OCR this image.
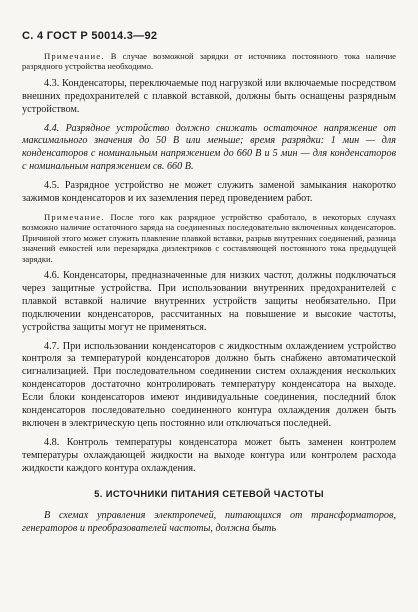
С. 4 ГОСТ Р 50014.3—92

Примечание. В случае возможной зарядки от источника постоянного тока наличие разрядного устройства необходимо.

4.3. Конденсаторы, переключаемые под нагрузкой или включаемые посредством внешних предохранителей с плавкой вставкой, должны быть оснащены разрядным устройством.

4.4. Разрядное устройство должно снижать остаточное напряжение от максимального значения до 50 В или меньше; время разрядки: 1 мин — для конденсаторов с номинальным напряжением до 660 В и 5 мин — для конденсаторов с номинальным напряжением св. 660 В.

4.5. Разрядное устройство не может служить заменой замыкания накоротко зажимов конденсаторов и их заземления перед проведением работ.

Примечание. После того как разрядное устройство сработало, в некоторых случаях возможно наличие остаточного заряда на соединенных последовательно включенных конденсаторов. Причиной этого может служить плавление плавкой вставки, разрыв внутренних соединений, разница значений емкостей или перезарядка диэлектриков с составляющей постоянного тока предыдущей зарядки.

4.6. Конденсаторы, предназначенные для низких частот, должны подключаться через защитные устройства. При использовании внутренних предохранителей с плавкой вставкой наличие внутренних устройств защиты необязательно. При подключении конденсаторов, рассчитанных на повышение и высокие частоты, устройства защиты могут не применяться.

4.7. При использовании конденсаторов с жидкостным охлаждением устройство контроля за температурой конденсаторов должно быть снабжено автоматической сигнализацией. При последовательном соединении систем охлаждения нескольких конденсаторов достаточно контролировать температуру конденсатора на выходе. Если блоки конденсаторов имеют индивидуальные соединения, последний блок конденсаторов последовательно соединенного контура охлаждения должен быть включен в электрическую цепь постоянно или отключаться последней.

4.8. Контроль температуры конденсатора может быть заменен контролем температуры охлаждающей жидкости на выходе контура или контролем расхода жидкости каждого контура охлаждения.

5. ИСТОЧНИКИ ПИТАНИЯ СЕТЕВОЙ ЧАСТОТЫ

В схемах управления электропечей, питающихся от трансформаторов, генераторов и преобразователей частоты, должна быть
